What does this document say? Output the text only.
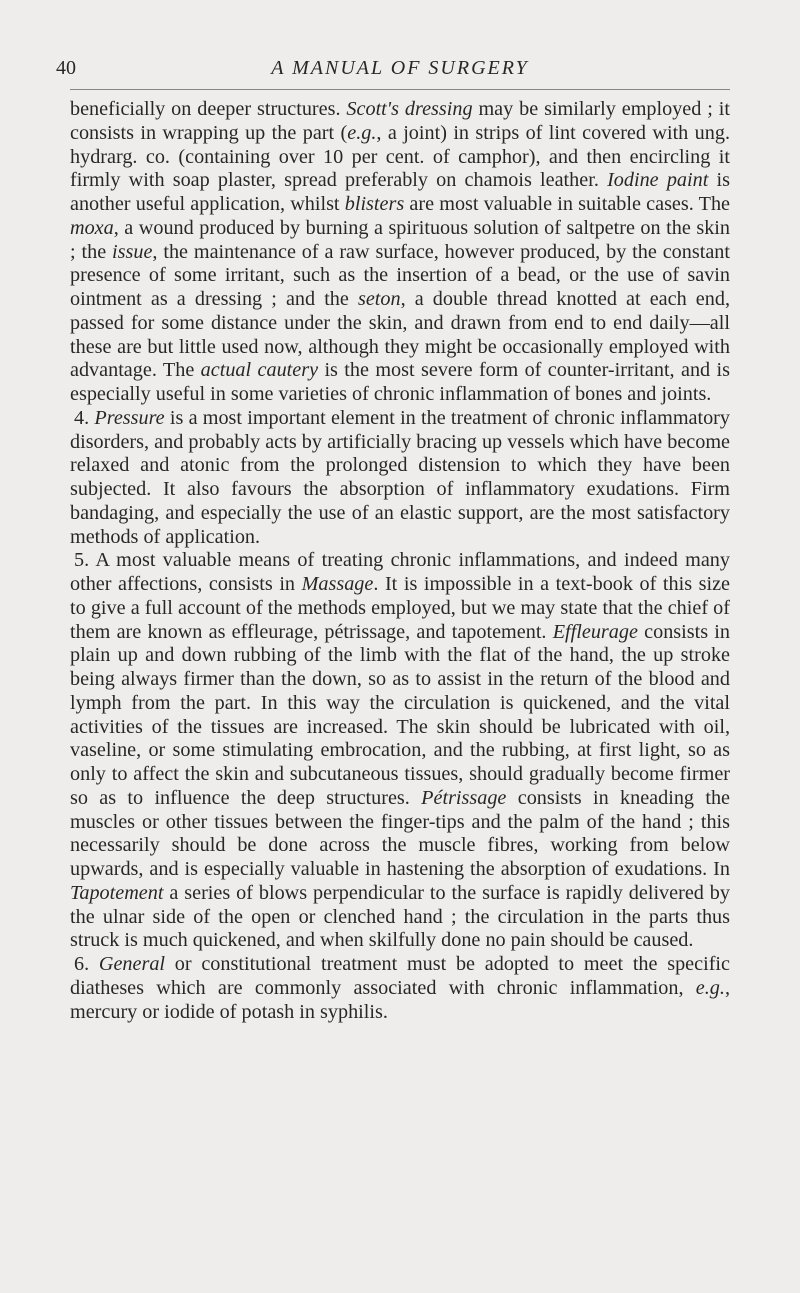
40	A MANUAL OF SURGERY

beneficially on deeper structures. Scott's dressing may be similarly employed ; it consists in wrapping up the part (e.g., a joint) in strips of lint covered with ung. hydrarg. co. (containing over 10 per cent. of camphor), and then encircling it firmly with soap plaster, spread preferably on chamois leather. Iodine paint is another useful application, whilst blisters are most valuable in suitable cases. The moxa, a wound produced by burning a spirituous solution of saltpetre on the skin ; the issue, the maintenance of a raw surface, however produced, by the constant presence of some irritant, such as the insertion of a bead, or the use of savin ointment as a dressing ; and the seton, a double thread knotted at each end, passed for some distance under the skin, and drawn from end to end daily—all these are but little used now, although they might be occasionally employed with advantage. The actual cautery is the most severe form of counter-irritant, and is especially useful in some varieties of chronic inflammation of bones and joints.

4. Pressure is a most important element in the treatment of chronic inflammatory disorders, and probably acts by artificially bracing up vessels which have become relaxed and atonic from the prolonged distension to which they have been subjected. It also favours the absorption of inflammatory exudations. Firm bandaging, and especially the use of an elastic support, are the most satisfactory methods of application.

5. A most valuable means of treating chronic inflammations, and indeed many other affections, consists in Massage. It is impossible in a text-book of this size to give a full account of the methods employed, but we may state that the chief of them are known as effleurage, pétrissage, and tapotement. Effleurage consists in plain up and down rubbing of the limb with the flat of the hand, the up stroke being always firmer than the down, so as to assist in the return of the blood and lymph from the part. In this way the circulation is quickened, and the vital activities of the tissues are increased. The skin should be lubricated with oil, vaseline, or some stimulating embrocation, and the rubbing, at first light, so as only to affect the skin and subcutaneous tissues, should gradually become firmer so as to influence the deep structures. Pétrissage consists in kneading the muscles or other tissues between the finger-tips and the palm of the hand ; this necessarily should be done across the muscle fibres, working from below upwards, and is especially valuable in hastening the absorption of exudations. In Tapotement a series of blows perpendicular to the surface is rapidly delivered by the ulnar side of the open or clenched hand ; the circulation in the parts thus struck is much quickened, and when skilfully done no pain should be caused.

6. General or constitutional treatment must be adopted to meet the specific diatheses which are commonly associated with chronic inflammation, e.g., mercury or iodide of potash in syphilis.
